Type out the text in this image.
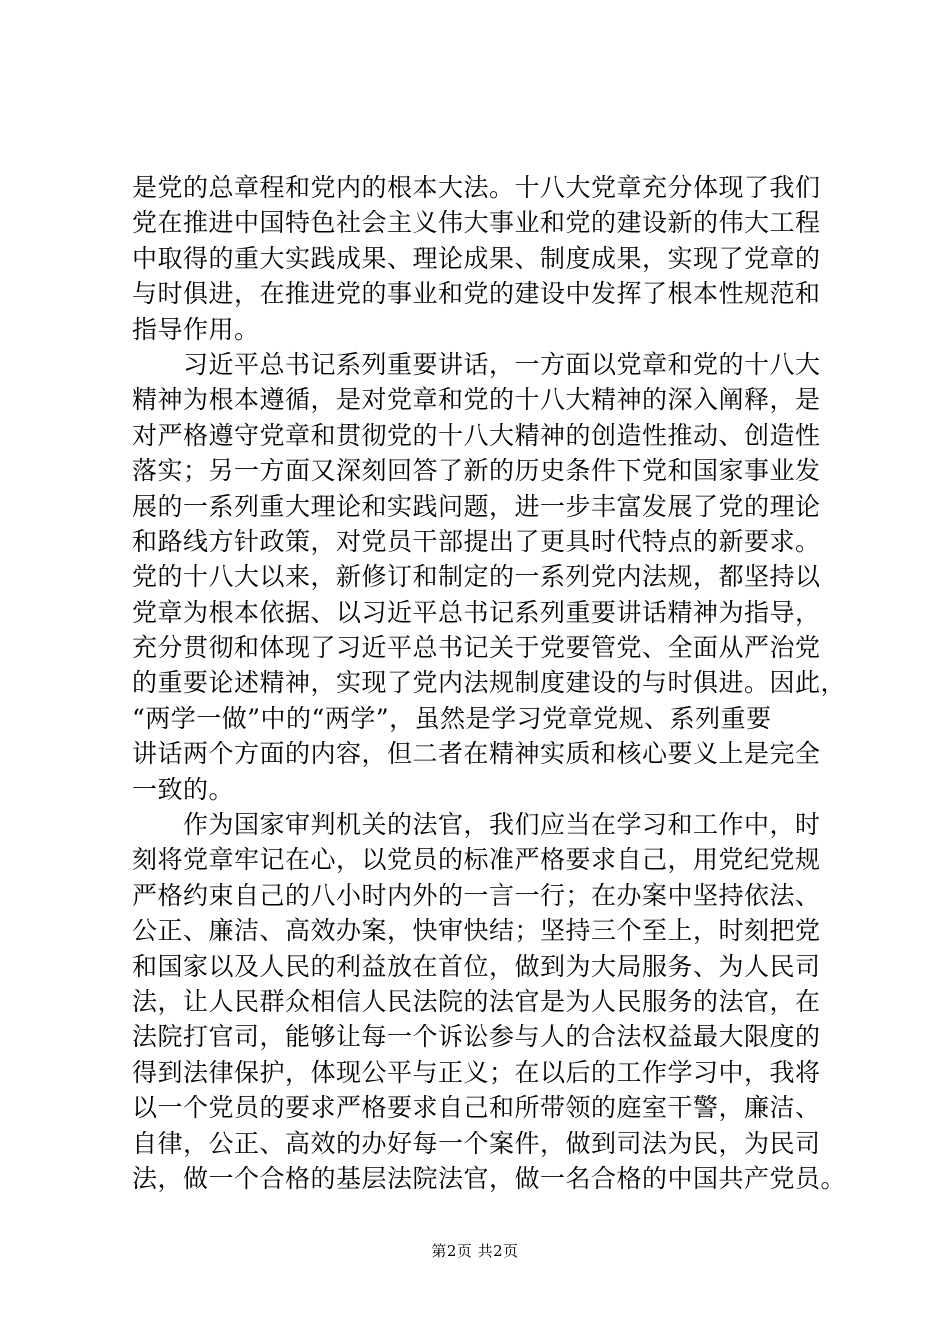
是党的总章程和党内的根本大法。十八大党章充分体现了我们
党在推进中国特色社会主义伟大事业和党的建设新的伟大工程
中取得的重大实践成果、理论成果、制度成果，实现了党章的
与时俱进，在推进党的事业和党的建设中发挥了根本性规范和
指导作用。
　　习近平总书记系列重要讲话，一方面以党章和党的十八大
精神为根本遵循，是对党章和党的十八大精神的深入阐释，是
对严格遵守党章和贯彻党的十八大精神的创造性推动、创造性
落实；另一方面又深刻回答了新的历史条件下党和国家事业发
展的一系列重大理论和实践问题，进一步丰富发展了党的理论
和路线方针政策，对党员干部提出了更具时代特点的新要求。
党的十八大以来，新修订和制定的一系列党内法规，都坚持以
党章为根本依据、以习近平总书记系列重要讲话精神为指导，
充分贯彻和体现了习近平总书记关于党要管党、全面从严治党
的重要论述精神，实现了党内法规制度建设的与时俱进。因此，
“两学一做”中的“两学”，虽然是学习党章党规、系列重要
讲话两个方面的内容，但二者在精神实质和核心要义上是完全
一致的。
　　作为国家审判机关的法官，我们应当在学习和工作中，时
刻将党章牢记在心，以党员的标准严格要求自己，用党纪党规
严格约束自己的八小时内外的一言一行；在办案中坚持依法、
公正、廉洁、高效办案，快审快结；坚持三个至上，时刻把党
和国家以及人民的利益放在首位，做到为大局服务、为人民司
法，让人民群众相信人民法院的法官是为人民服务的法官，在
法院打官司，能够让每一个诉讼参与人的合法权益最大限度的
得到法律保护，体现公平与正义；在以后的工作学习中，我将
以一个党员的要求严格要求自己和所带领的庭室干警，廉洁、
自律，公正、高效的办好每一个案件，做到司法为民，为民司
法，做一个合格的基层法院法官，做一名合格的中国共产党员。
第2页 共2页
